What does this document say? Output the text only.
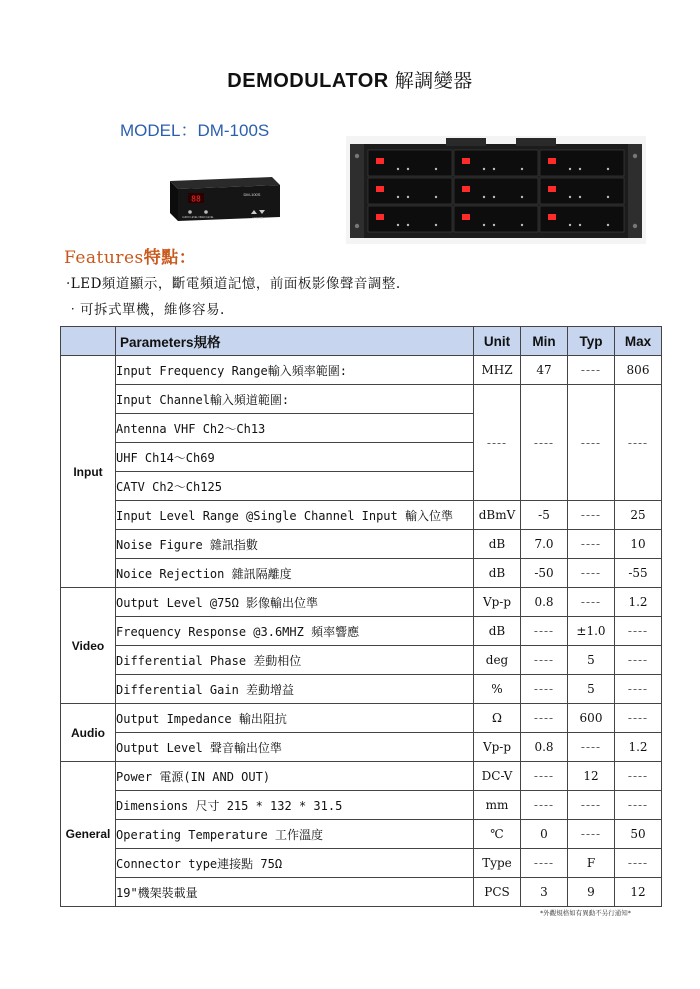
DEMODULATOR 解調變器
MODEL：DM-100S
88	DM-100S
AUDIO LEVEL VIDEO LEVEL	CHANNEL
Features特點：
‧LED頻道顯示，斷電頻道記憶，前面板影像聲音調整.
‧可拆式單機，維修容易.
	Parameters規格	Unit	Min	Typ	Max
Input	Input Frequency Range輸入頻率範圍:	MHZ	47	----	806
	Input Channel輸入頻道範圍:	----	----	----	----
	Antenna VHF Ch2～Ch13				
	UHF Ch14～Ch69				
	CATV Ch2～Ch125				
	Input Level Range @Single Channel Input 輸入位準	dBmV	-5	----	25
	Noise Figure 雜訊指數	dB	7.0	----	10
	Noice Rejection 雜訊隔離度	dB	-50	----	-55
Video	Output Level @75Ω 影像輸出位準	Vp-p	0.8	----	1.2
	Frequency Response @3.6MHZ 頻率響應	dB	----	±1.0	----
	Differential Phase 差動相位	deg	----	5	----
	Differential Gain 差動增益	%	----	5	----
Audio	Output Impedance 輸出阻抗	Ω	----	600	----
	Output Level 聲音輸出位準	Vp-p	0.8	----	1.2
General	Power 電源(IN AND OUT)	DC-V	----	12	----
	Dimensions 尺寸 215 * 132 * 31.5	mm	----	----	----
	Operating Temperature 工作溫度	℃	0	----	50
	Connector type連接點 75Ω	Type	----	F	----
	19"機架裝載量	PCS	3	9	12
*外觀規格如有異動不另行通知*
